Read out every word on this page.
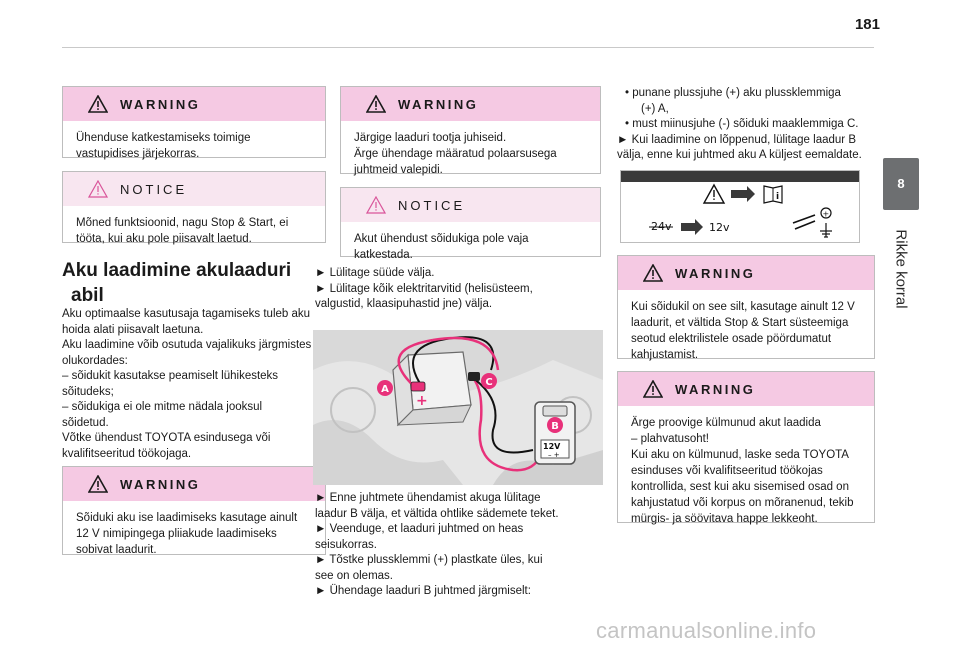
181
8
Rikke korral
WARNING
Ühenduse katkestamiseks toimige
vastupidises järjekorras.
NOTICE
Mõned funktsioonid, nagu Stop & Start, ei
tööta, kui aku pole piisavalt laetud.
Aku laadimine akulaaduri
abil
Aku optimaalse kasutusaja tagamiseks tuleb aku
hoida alati piisavalt laetuna.
Aku laadimine võib osutuda vajalikuks järgmistes
olukordades:
– sõidukit kasutakse peamiselt lühikesteks
sõitudeks;
– sõidukiga ei ole mitme nädala jooksul
sõidetud.
Võtke ühendust TOYOTA esindusega või
kvalifitseeritud töökojaga.
WARNING
Sõiduki aku ise laadimiseks kasutage ainult
12 V nimipingega pliiakude laadimiseks
sobivat laadurit.
WARNING
Järgige laaduri tootja juhiseid.
Ärge ühendage määratud polaarsusega
juhtmeid valepidi.
NOTICE
Akut ühendust sõidukiga pole vaja
katkestada.
► Lülitage süüde välja.
► Lülitage kõik elektritarvitid (helisüsteem,
valgustid, klaasipuhastid jne) välja.
+
12V
– +
A
C
B
► Enne juhtmete ühendamist akuga lülitage
laadur B välja, et vältida ohtlike sädemete teket.
► Veenduge, et laaduri juhtmed on heas
seisukorras.
► Tõstke plussklemmi (+) plastkate üles, kui
see on olemas.
► Ühendage laaduri B juhtmed järgmiselt:
• punane plussjuhe (+) aku plussklemmiga
(+) A,
• must miinusjuhe (-) sõiduki maaklemmiga C.
► Kui laadimine on lõppenud, lülitage laadur B
välja, enne kui juhtmed aku A küljest eemaldate.
i
24v	12v
+
WARNING
Kui sõidukil on see silt, kasutage ainult 12 V
laadurit, et vältida Stop & Start süsteemiga
seotud elektrilistele osade pöördumatut
kahjustamist.
WARNING
Ärge proovige külmunud akut laadida
– plahvatusoht!
Kui aku on külmunud, laske seda TOYOTA
esinduses või kvalifitseeritud töökojas
kontrollida, sest kui aku sisemised osad on
kahjustatud või korpus on mõranenud, tekib
mürgis- ja söövitava happe lekkeoht.
carmanualsonline.info
